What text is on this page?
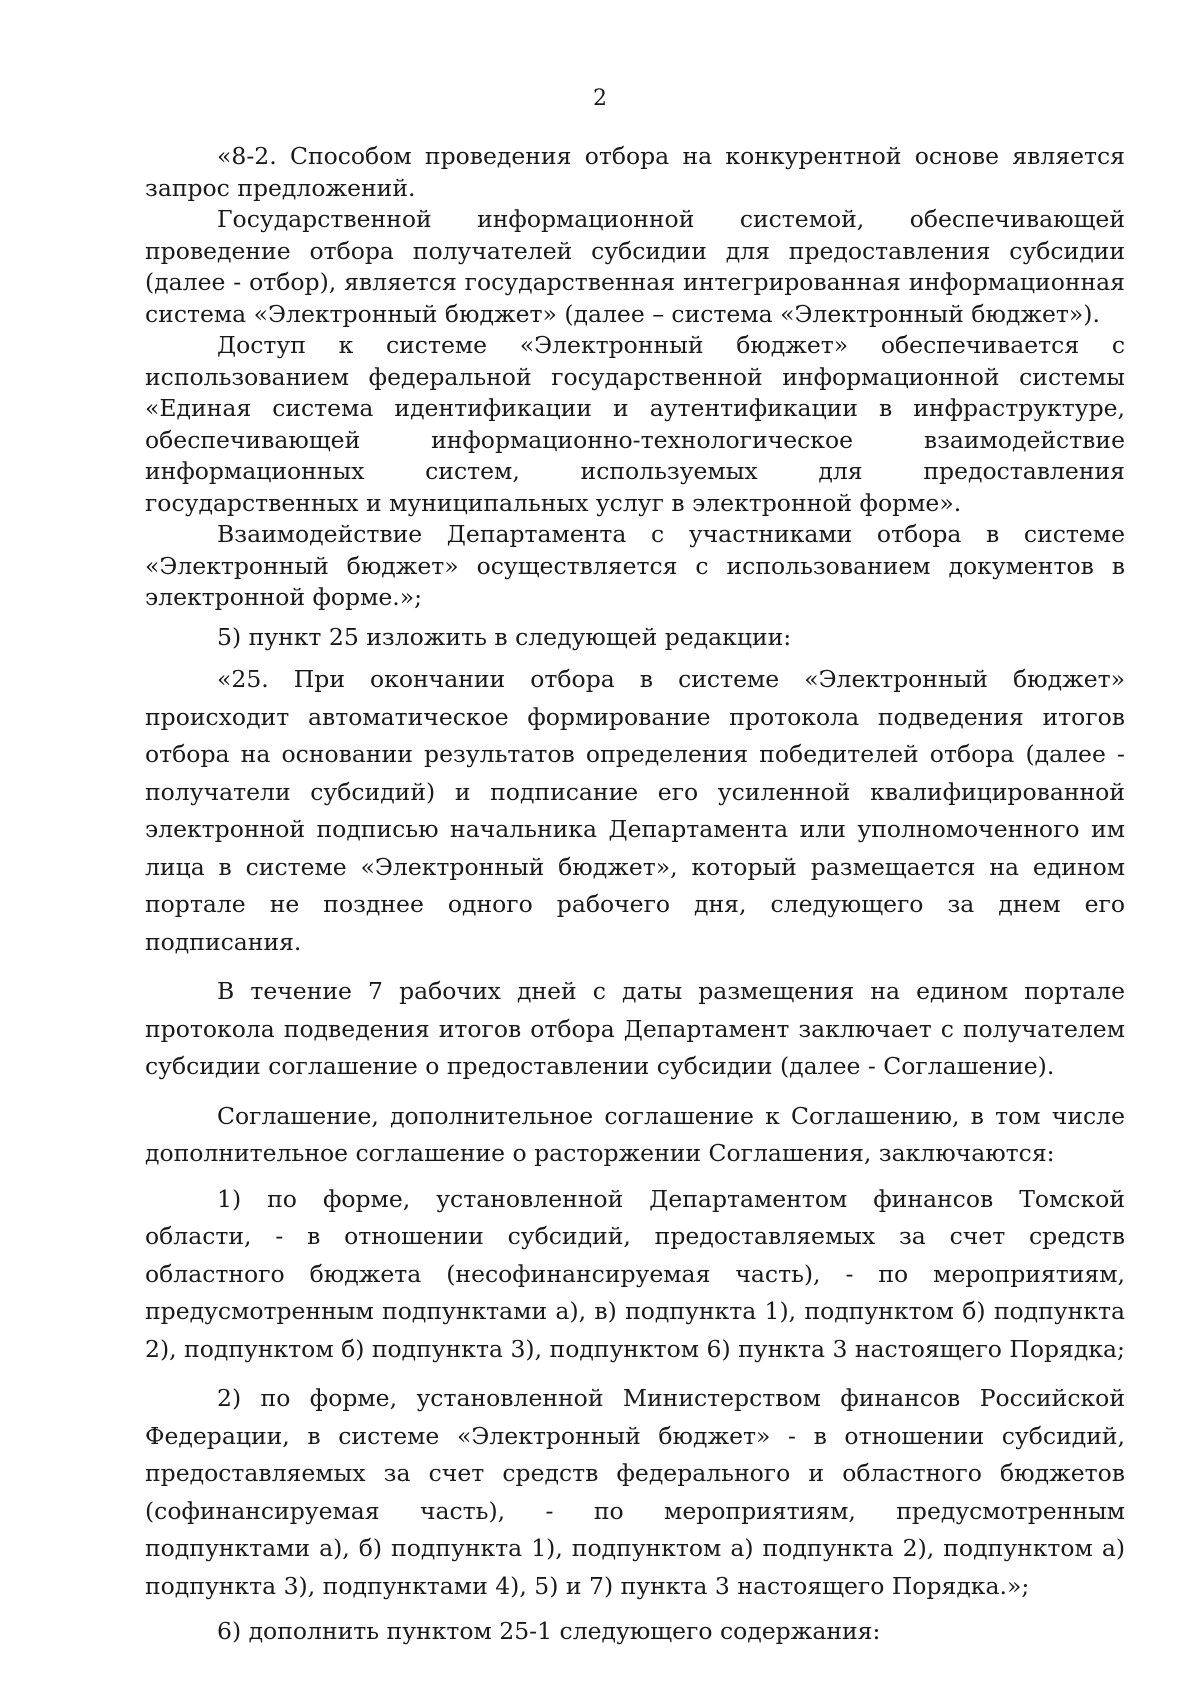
2

«8-2. Способом проведения отбора на конкурентной основе является запрос предложений.

Государственной информационной системой, обеспечивающей проведение отбора получателей субсидии для предоставления субсидии (далее - отбор), является государственная интегрированная информационная система «Электронный бюджет» (далее – система «Электронный бюджет»).

Доступ к системе «Электронный бюджет» обеспечивается с использованием федеральной государственной информационной системы «Единая система идентификации и аутентификации в инфраструктуре, обеспечивающей информационно-технологическое взаимодействие информационных систем, используемых для предоставления государственных и муниципальных услуг в электронной форме».

Взаимодействие Департамента с участниками отбора в системе «Электронный бюджет» осуществляется с использованием документов в электронной форме.»;

5) пункт 25 изложить в следующей редакции:

«25. При окончании отбора в системе «Электронный бюджет» происходит автоматическое формирование протокола подведения итогов отбора на основании результатов определения победителей отбора (далее - получатели субсидий) и подписание его усиленной квалифицированной электронной подписью начальника Департамента или уполномоченного им лица в системе «Электронный бюджет», который размещается на едином портале не позднее одного рабочего дня, следующего за днем его подписания.

В течение 7 рабочих дней с даты размещения на едином портале протокола подведения итогов отбора Департамент заключает с получателем субсидии соглашение о предоставлении субсидии (далее - Соглашение).

Соглашение, дополнительное соглашение к Соглашению, в том числе дополнительное соглашение о расторжении Соглашения, заключаются:

1) по форме, установленной Департаментом финансов Томской области, - в отношении субсидий, предоставляемых за счет средств областного бюджета (несофинансируемая часть), - по мероприятиям, предусмотренным подпунктами а), в) подпункта 1), подпунктом б) подпункта 2), подпунктом б) подпункта 3), подпунктом 6) пункта 3 настоящего Порядка;

2) по форме, установленной Министерством финансов Российской Федерации, в системе «Электронный бюджет» - в отношении субсидий, предоставляемых за счет средств федерального и областного бюджетов (софинансируемая часть), - по мероприятиям, предусмотренным подпунктами а), б) подпункта 1), подпунктом а) подпункта 2), подпунктом а) подпункта 3), подпунктами 4), 5) и 7) пункта 3 настоящего Порядка.»;

6) дополнить пунктом 25-1 следующего содержания:
